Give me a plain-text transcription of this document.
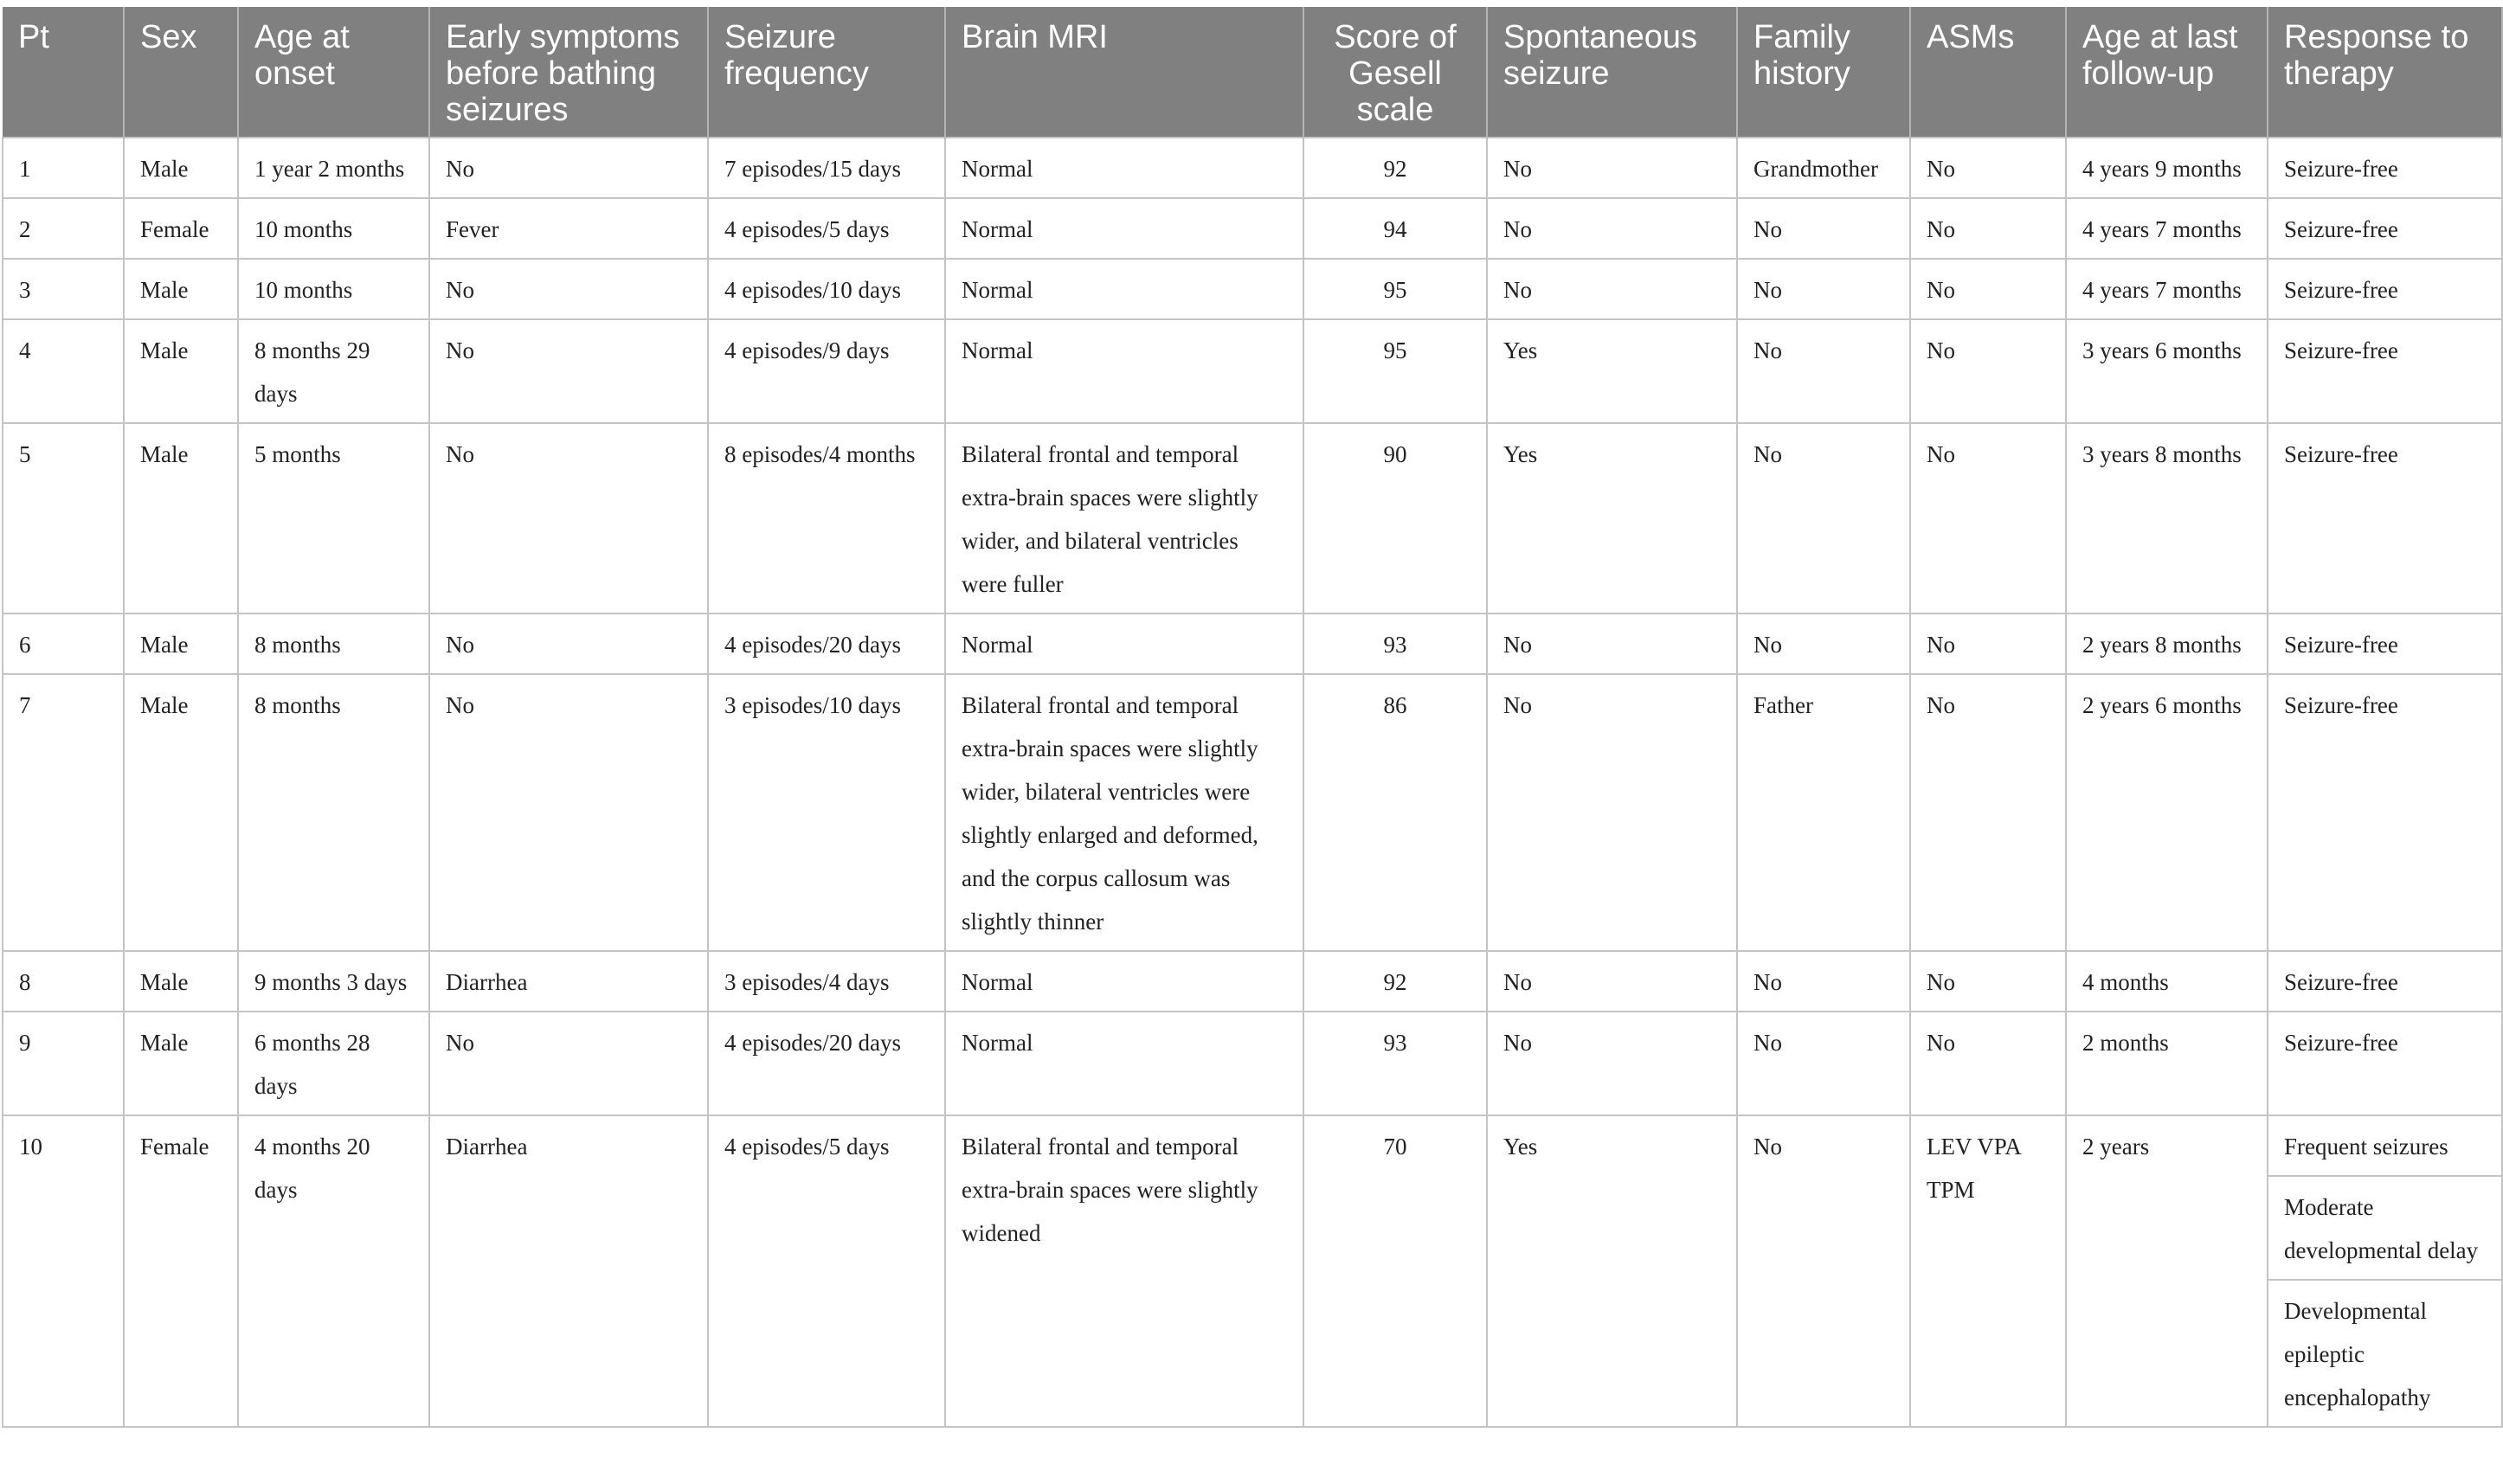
Pt	Sex	Age at onset	Early symptoms before bathing seizures	Seizure frequency	Brain MRI	Score of Gesell scale	Spontaneous seizure	Family history	ASMs	Age at last follow-up	Response to therapy
1	Male	1 year 2 months	No	7 episodes/15 days	Normal	92	No	Grandmother	No	4 years 9 months	Seizure-free

2	Female	10 months	Fever	4 episodes/5 days	Normal	94	No	No	No	4 years 7 months	Seizure-free

3	Male	10 months	No	4 episodes/10 days	Normal	95	No	No	No	4 years 7 months	Seizure-free

4	Male	8 months 29 days	No	4 episodes/9 days	Normal	95	Yes	No	No	3 years 6 months	Seizure-free

5	Male	5 months	No	8 episodes/4 months	Bilateral frontal and temporal extra-brain spaces were slightly wider, and bilateral ventricles were fuller	90	Yes	No	No	3 years 8 months	Seizure-free

6	Male	8 months	No	4 episodes/20 days	Normal	93	No	No	No	2 years 8 months	Seizure-free

7	Male	8 months	No	3 episodes/10 days	Bilateral frontal and temporal extra-brain spaces were slightly wider, bilateral ventricles were slightly enlarged and deformed, and the corpus callosum was slightly thinner	86	No	Father	No	2 years 6 months	Seizure-free

8	Male	9 months 3 days	Diarrhea	3 episodes/4 days	Normal	92	No	No	No	4 months	Seizure-free

9	Male	6 months 28 days	No	4 episodes/20 days	Normal	93	No	No	No	2 months	Seizure-free

10	Female	4 months 20 days	Diarrhea	4 episodes/5 days	Bilateral frontal and temporal extra-brain spaces were slightly widened	70	Yes	No	LEV VPA TPM	2 years	Frequent seizures
Moderate developmental delay
Developmental epileptic encephalopathy
